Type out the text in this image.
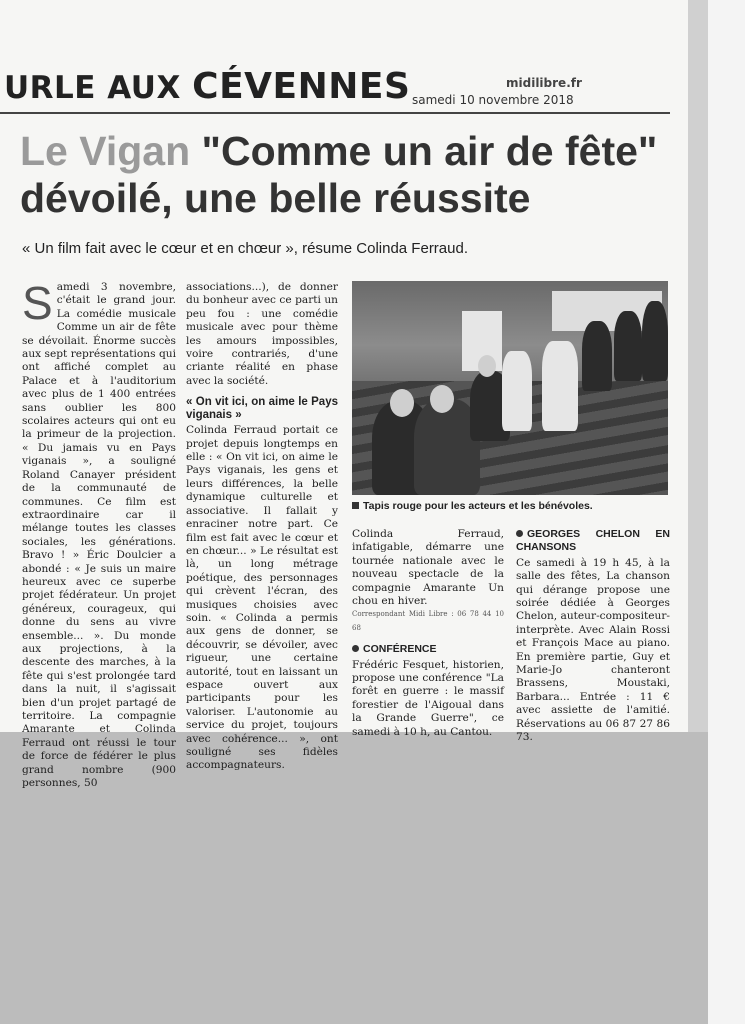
URLE AUX CÉVENNES	midilibre.fr
samedi 10 novembre 2018
Le Vigan "Comme un air de fête" dévoilé, une belle réussite
« Un film fait avec le cœur et en chœur », résume Colinda Ferraud.

Samedi 3 novembre, c'était le grand jour. La comédie musicale Comme un air de fête se dévoilait. Énorme succès aux sept représentations qui ont affiché complet au Palace et à l'auditorium avec plus de 1 400 entrées sans oublier les 800 scolaires acteurs qui ont eu la primeur de la projection. « Du jamais vu en Pays viganais », a souligné Roland Canayer président de la communauté de communes. Ce film est extraordinaire car il mélange toutes les classes sociales, les générations. Bravo ! » Éric Doulcier a abondé : « Je suis un maire heureux avec ce superbe projet fédérateur. Un projet généreux, courageux, qui donne du sens au vivre ensemble... ». Du monde aux projections, à la descente des marches, à la fête qui s'est prolongée tard dans la nuit, il s'agissait bien d'un projet partagé de territoire. La compagnie Amarante et Colinda Ferraud ont réussi le tour de force de fédérer le plus grand nombre (900 personnes, 50

associations...), de donner du bonheur avec ce parti un peu fou : une comédie musicale avec pour thème les amours impossibles, voire contrariés, d'une criante réalité en phase avec la société.
« On vit ici, on aime le Pays viganais »
Colinda Ferraud portait ce projet depuis longtemps en elle : « On vit ici, on aime le Pays viganais, les gens et leurs différences, la belle dynamique culturelle et associative. Il fallait y enraciner notre part. Ce film est fait avec le cœur et en chœur... » Le résultat est là, un long métrage poétique, des personnages qui crèvent l'écran, des musiques choisies avec soin. « Colinda a permis aux gens de donner, se découvrir, se dévoiler, avec rigueur, une certaine autorité, tout en laissant un espace ouvert aux participants pour les valoriser. L'autonomie au service du projet, toujours avec cohérence... », ont souligné ses fidèles accompagnateurs.
Tapis rouge pour les acteurs et les bénévoles.
Colinda Ferraud, infatigable, démarre une tournée nationale avec le nouveau spectacle de la compagnie Amarante Un chou en hiver.
Correspondant Midi Libre : 06 78 44 10 68
CONFÉRENCE
Frédéric Fesquet, historien, propose une conférence "La forêt en guerre : le massif forestier de l'Aigoual dans la Grande Guerre", ce samedi à 10 h, au Cantou.
GEORGES CHELON EN CHANSONS
Ce samedi à 19 h 45, à la salle des fêtes, La chanson qui dérange propose une soirée dédiée à Georges Chelon, auteur-compositeur-interprète. Avec Alain Rossi et François Mace au piano. En première partie, Guy et Marie-Jo chanteront Brassens, Moustaki, Barbara... Entrée : 11 € avec assiette de l'amitié. Réservations au 06 87 27 86 73.
